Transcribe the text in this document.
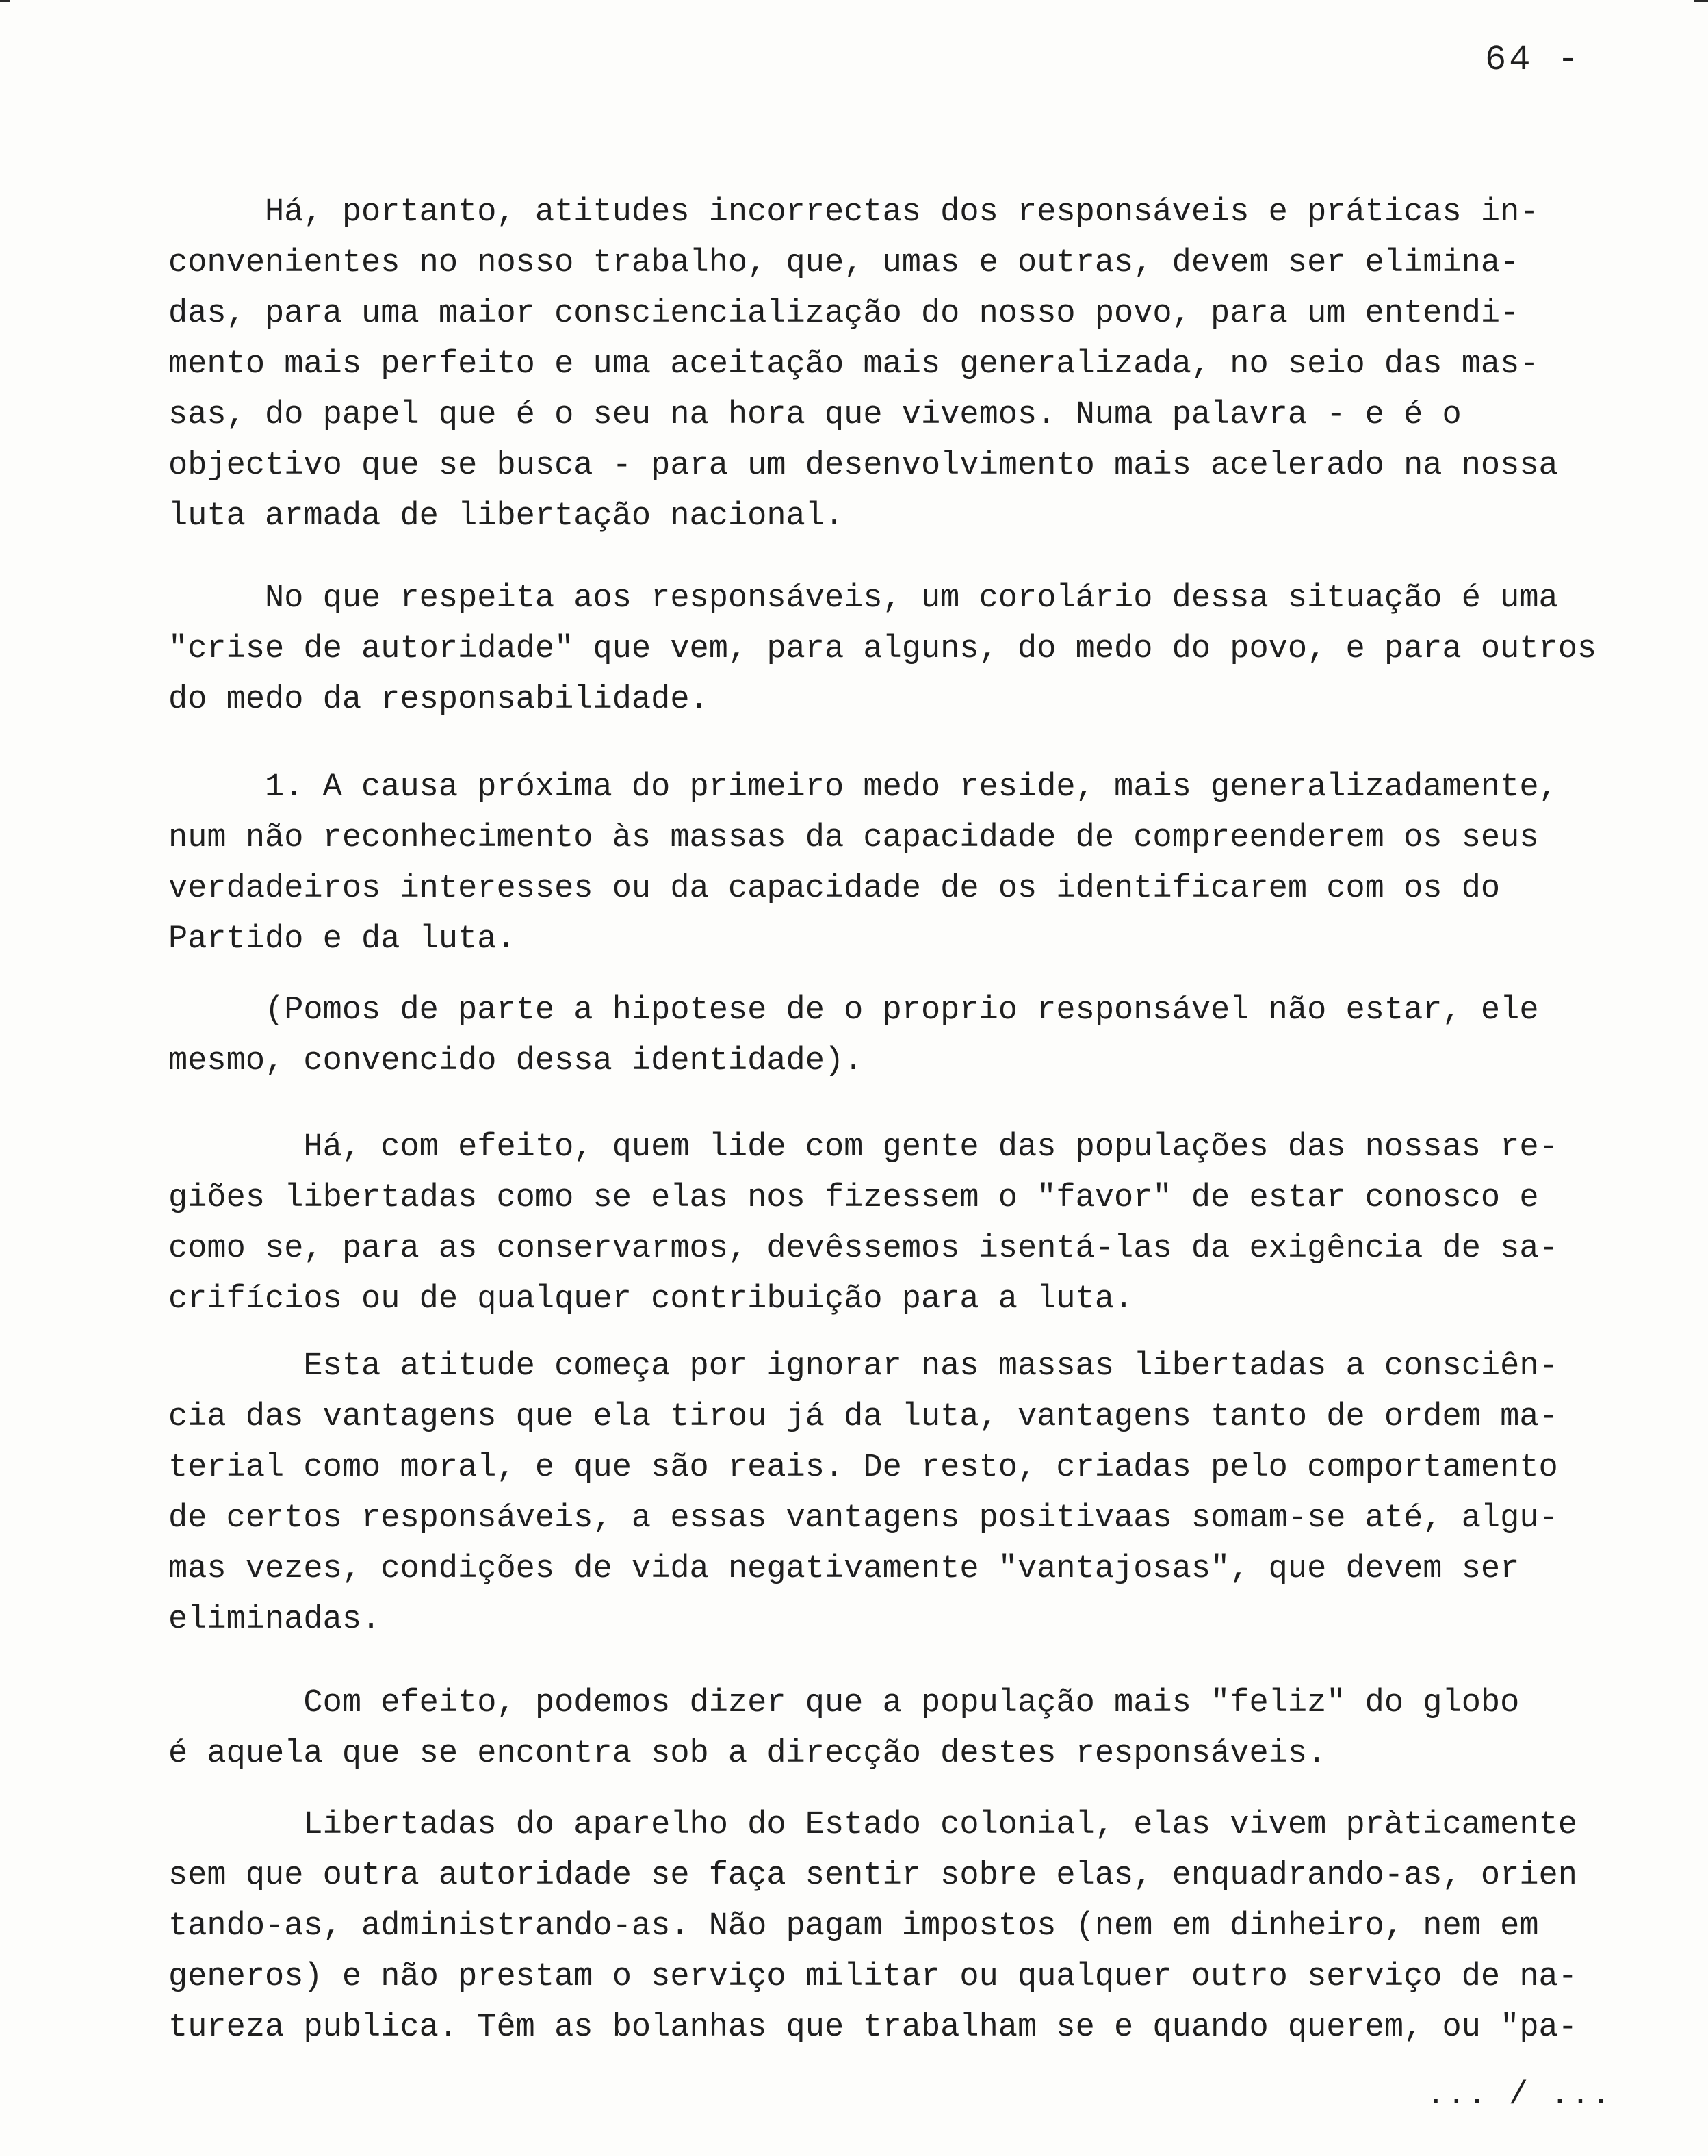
64 -
Há, portanto, atitudes incorrectas dos responsáveis e práticas in-
convenientes no nosso trabalho, que, umas e outras, devem ser elimina-
das, para uma maior consciencialização do nosso povo, para um entendi-
mento mais perfeito e uma aceitação mais generalizada, no seio das mas-
sas, do papel que é o seu na hora que vivemos. Numa palavra - e é o
objectivo que se busca - para um desenvolvimento mais acelerado na nossa
luta armada de libertação nacional.
No que respeita aos responsáveis, um corolário dessa situação é uma
"crise de autoridade" que vem, para alguns, do medo do povo, e para outros
do medo da responsabilidade.
1. A causa próxima do primeiro medo reside, mais generalizadamente,
num não reconhecimento às massas da capacidade de compreenderem os seus
verdadeiros interesses ou da capacidade de os identificarem com os do
Partido e da luta.
(Pomos de parte a hipotese de o proprio responsável não estar, ele
mesmo, convencido dessa identidade).
Há, com efeito, quem lide com gente das populações das nossas re-
giões libertadas como se elas nos fizessem o "favor" de estar conosco e
como se, para as conservarmos, devêssemos isentá-las da exigência de sa-
crifícios ou de qualquer contribuição para a luta.
Esta atitude começa por ignorar nas massas libertadas a consciên-
cia das vantagens que ela tirou já da luta, vantagens tanto de ordem ma-
terial como moral, e que são reais. De resto, criadas pelo comportamento
de certos responsáveis, a essas vantagens positivaas somam-se até, algu-
mas vezes, condições de vida negativamente "vantajosas", que devem ser
eliminadas.
Com efeito, podemos dizer que a população mais "feliz" do globo
é aquela que se encontra sob a direcção destes responsáveis.
Libertadas do aparelho do Estado colonial, elas vivem pràticamente
sem que outra autoridade se faça sentir sobre elas, enquadrando-as, orien
tando-as, administrando-as. Não pagam impostos (nem em dinheiro, nem em
generos) e não prestam o serviço militar ou qualquer outro serviço de na-
tureza publica. Têm as bolanhas que trabalham se e quando querem, ou "pa-
... / ...
